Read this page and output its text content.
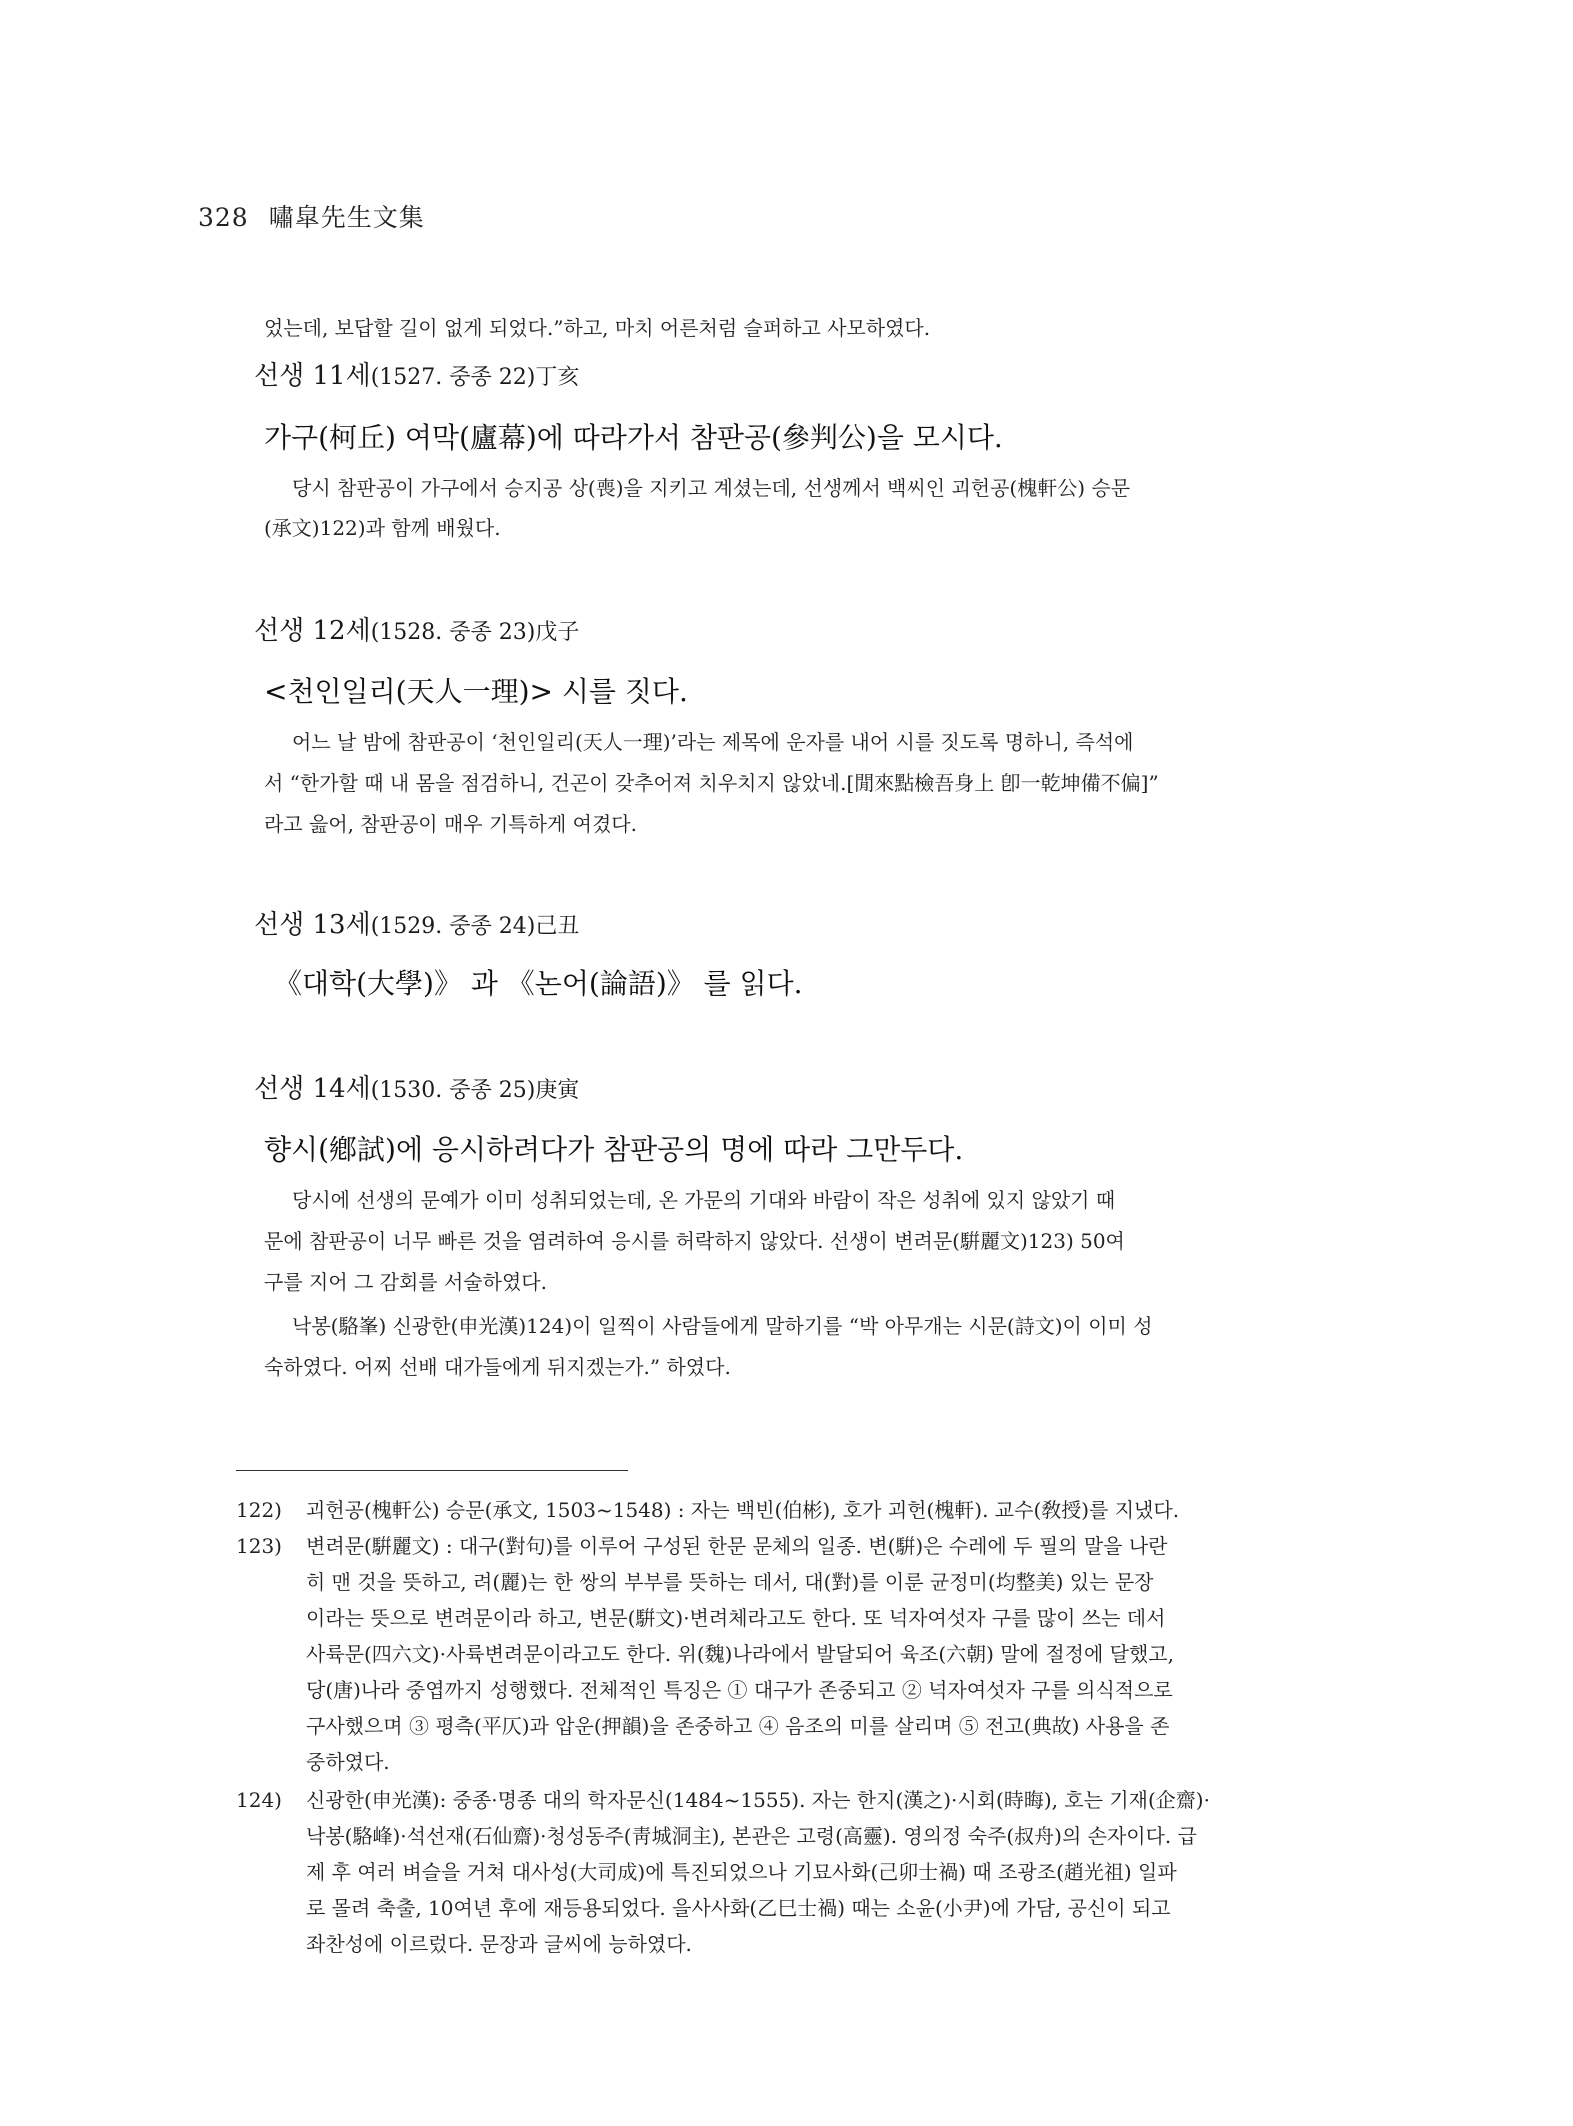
328 嘯皐先生文集
었는데, 보답할 길이 없게 되었다.”하고, 마치 어른처럼 슬퍼하고 사모하였다.
선생 11세(1527. 중종 22)丁亥
가구(柯丘) 여막(廬幕)에 따라가서 참판공(參判公)을 모시다.
당시 참판공이 가구에서 승지공 상(喪)을 지키고 계셨는데, 선생께서 백씨인 괴헌공(槐軒公) 승문
(承文)122)과 함께 배웠다.
선생 12세(1528. 중종 23)戊子
<천인일리(天人一理)> 시를 짓다.
어느 날 밤에 참판공이 ‘천인일리(天人一理)’라는 제목에 운자를 내어 시를 짓도록 명하니, 즉석에
서 “한가할 때 내 몸을 점검하니, 건곤이 갖추어져 치우치지 않았네.[閒來點檢吾身上 卽一乾坤備不偏]”
라고 읊어, 참판공이 매우 기특하게 여겼다.
선생 13세(1529. 중종 24)己丑
《대학(大學)》 과 《논어(論語)》 를 읽다.
선생 14세(1530. 중종 25)庚寅
향시(鄕試)에 응시하려다가 참판공의 명에 따라 그만두다.
당시에 선생의 문예가 이미 성취되었는데, 온 가문의 기대와 바람이 작은 성취에 있지 않았기 때
문에 참판공이 너무 빠른 것을 염려하여 응시를 허락하지 않았다. 선생이 변려문(騈麗文)123) 50여
구를 지어 그 감회를 서술하였다.
낙봉(駱峯) 신광한(申光漢)124)이 일찍이 사람들에게 말하기를 “박 아무개는 시문(詩文)이 이미 성
숙하였다. 어찌 선배 대가들에게 뒤지겠는가.” 하였다.
122) 괴헌공(槐軒公) 승문(承文, 1503~1548) : 자는 백빈(伯彬), 호가 괴헌(槐軒). 교수(敎授)를 지냈다.
123) 변려문(騈麗文) : 대구(對句)를 이루어 구성된 한문 문체의 일종. 변(騈)은 수레에 두 필의 말을 나란
히 맨 것을 뜻하고, 려(麗)는 한 쌍의 부부를 뜻하는 데서, 대(對)를 이룬 균정미(均整美) 있는 문장
이라는 뜻으로 변려문이라 하고, 변문(騈文)·변려체라고도 한다. 또 넉자여섯자 구를 많이 쓰는 데서
사륙문(四六文)·사륙변려문이라고도 한다. 위(魏)나라에서 발달되어 육조(六朝) 말에 절정에 달했고,
당(唐)나라 중엽까지 성행했다. 전체적인 특징은 ① 대구가 존중되고 ② 넉자여섯자 구를 의식적으로
구사했으며 ③ 평측(平仄)과 압운(押韻)을 존중하고 ④ 음조의 미를 살리며 ⑤ 전고(典故) 사용을 존
중하였다.
124) 신광한(申光漢): 중종·명종 대의 학자문신(1484~1555). 자는 한지(漢之)·시회(時晦), 호는 기재(企齋)·
낙봉(駱峰)·석선재(石仙齋)·청성동주(靑城洞主), 본관은 고령(高靈). 영의정 숙주(叔舟)의 손자이다. 급
제 후 여러 벼슬을 거쳐 대사성(大司成)에 특진되었으나 기묘사화(己卯士禍) 때 조광조(趙光祖) 일파
로 몰려 축출, 10여년 후에 재등용되었다. 을사사화(乙巳士禍) 때는 소윤(小尹)에 가담, 공신이 되고
좌찬성에 이르렀다. 문장과 글씨에 능하였다.
